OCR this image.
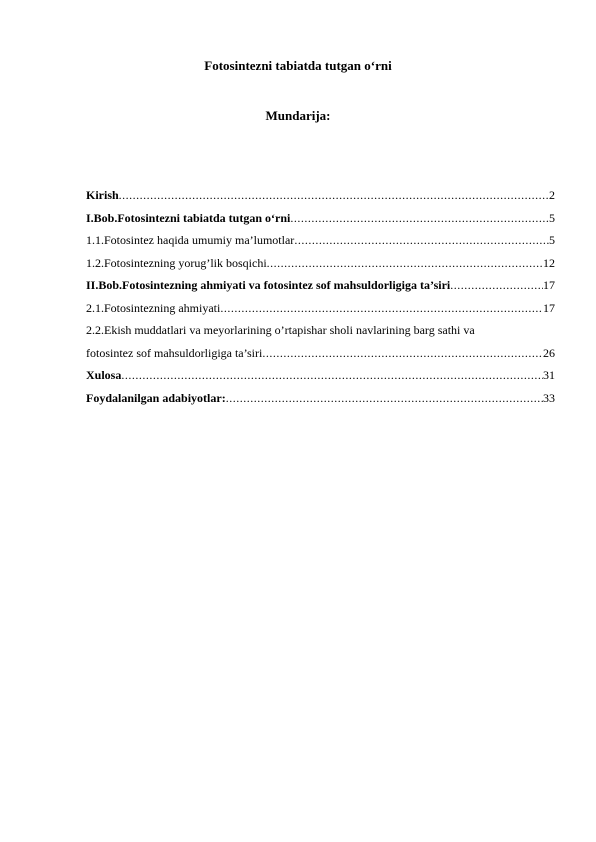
Fotosintezni tabiatda tutgan o‘rni
Mundarija:
Kirish .....	2
I.Bob.Fotosintezni tabiatda tutgan o‘rni .....	5
1.1.Fotosintez haqida umumiy ma’lumotlar .....	5
1.2.Fotosintezning yorug’lik bosqichi .....	12
II.Bob.Fotosintezning ahmiyati va fotosintez sof mahsuldorligiga ta’siri .....	17
2.1.Fotosintezning ahmiyati .....	17
2.2.Ekish muddatlari va meyorlarining o’rtapishar sholi navlarining barg sathi va
fotosintez sof mahsuldorligiga ta’siri .....	26
Xulosa .....	31
Foydalanilgan adabiyotlar: .....	33
